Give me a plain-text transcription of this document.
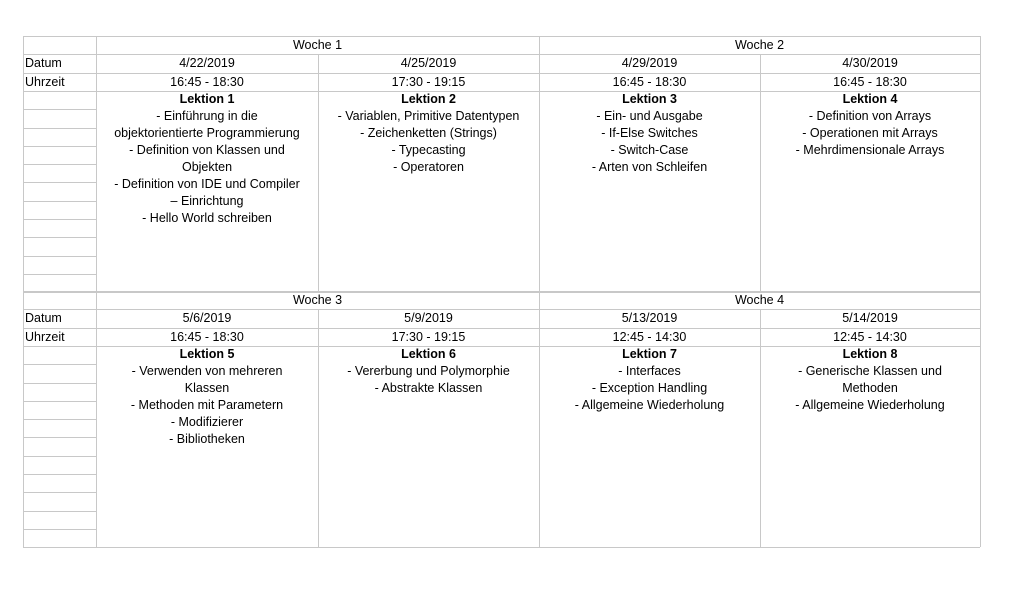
Woche 1	Woche 2
Datum
Uhrzeit
4/22/2019
16:45 - 18:30
Lektion 1
- Einführung in die
objektorientierte Programmierung
- Definition von Klassen und
Objekten
- Definition von IDE und Compiler
– Einrichtung
- Hello World schreiben
4/25/2019
17:30 - 19:15
Lektion 2
- Variablen, Primitive Datentypen
- Zeichenketten (Strings)
- Typecasting
- Operatoren
4/29/2019
16:45 - 18:30
Lektion 3
- Ein- und Ausgabe
- If-Else Switches
- Switch-Case
- Arten von Schleifen
4/30/2019
16:45 - 18:30
Lektion 4
- Definition von Arrays
- Operationen mit Arrays
- Mehrdimensionale Arrays
Woche 3	Woche 4
Datum
Uhrzeit
5/6/2019
16:45 - 18:30
Lektion 5
- Verwenden von mehreren
Klassen
- Methoden mit Parametern
- Modifizierer
- Bibliotheken
5/9/2019
17:30 - 19:15
Lektion 6
- Vererbung und Polymorphie
- Abstrakte Klassen
5/13/2019
12:45 - 14:30
Lektion 7
- Interfaces
- Exception Handling
- Allgemeine Wiederholung
5/14/2019
12:45 - 14:30
Lektion 8
- Generische Klassen und
Methoden
- Allgemeine Wiederholung
